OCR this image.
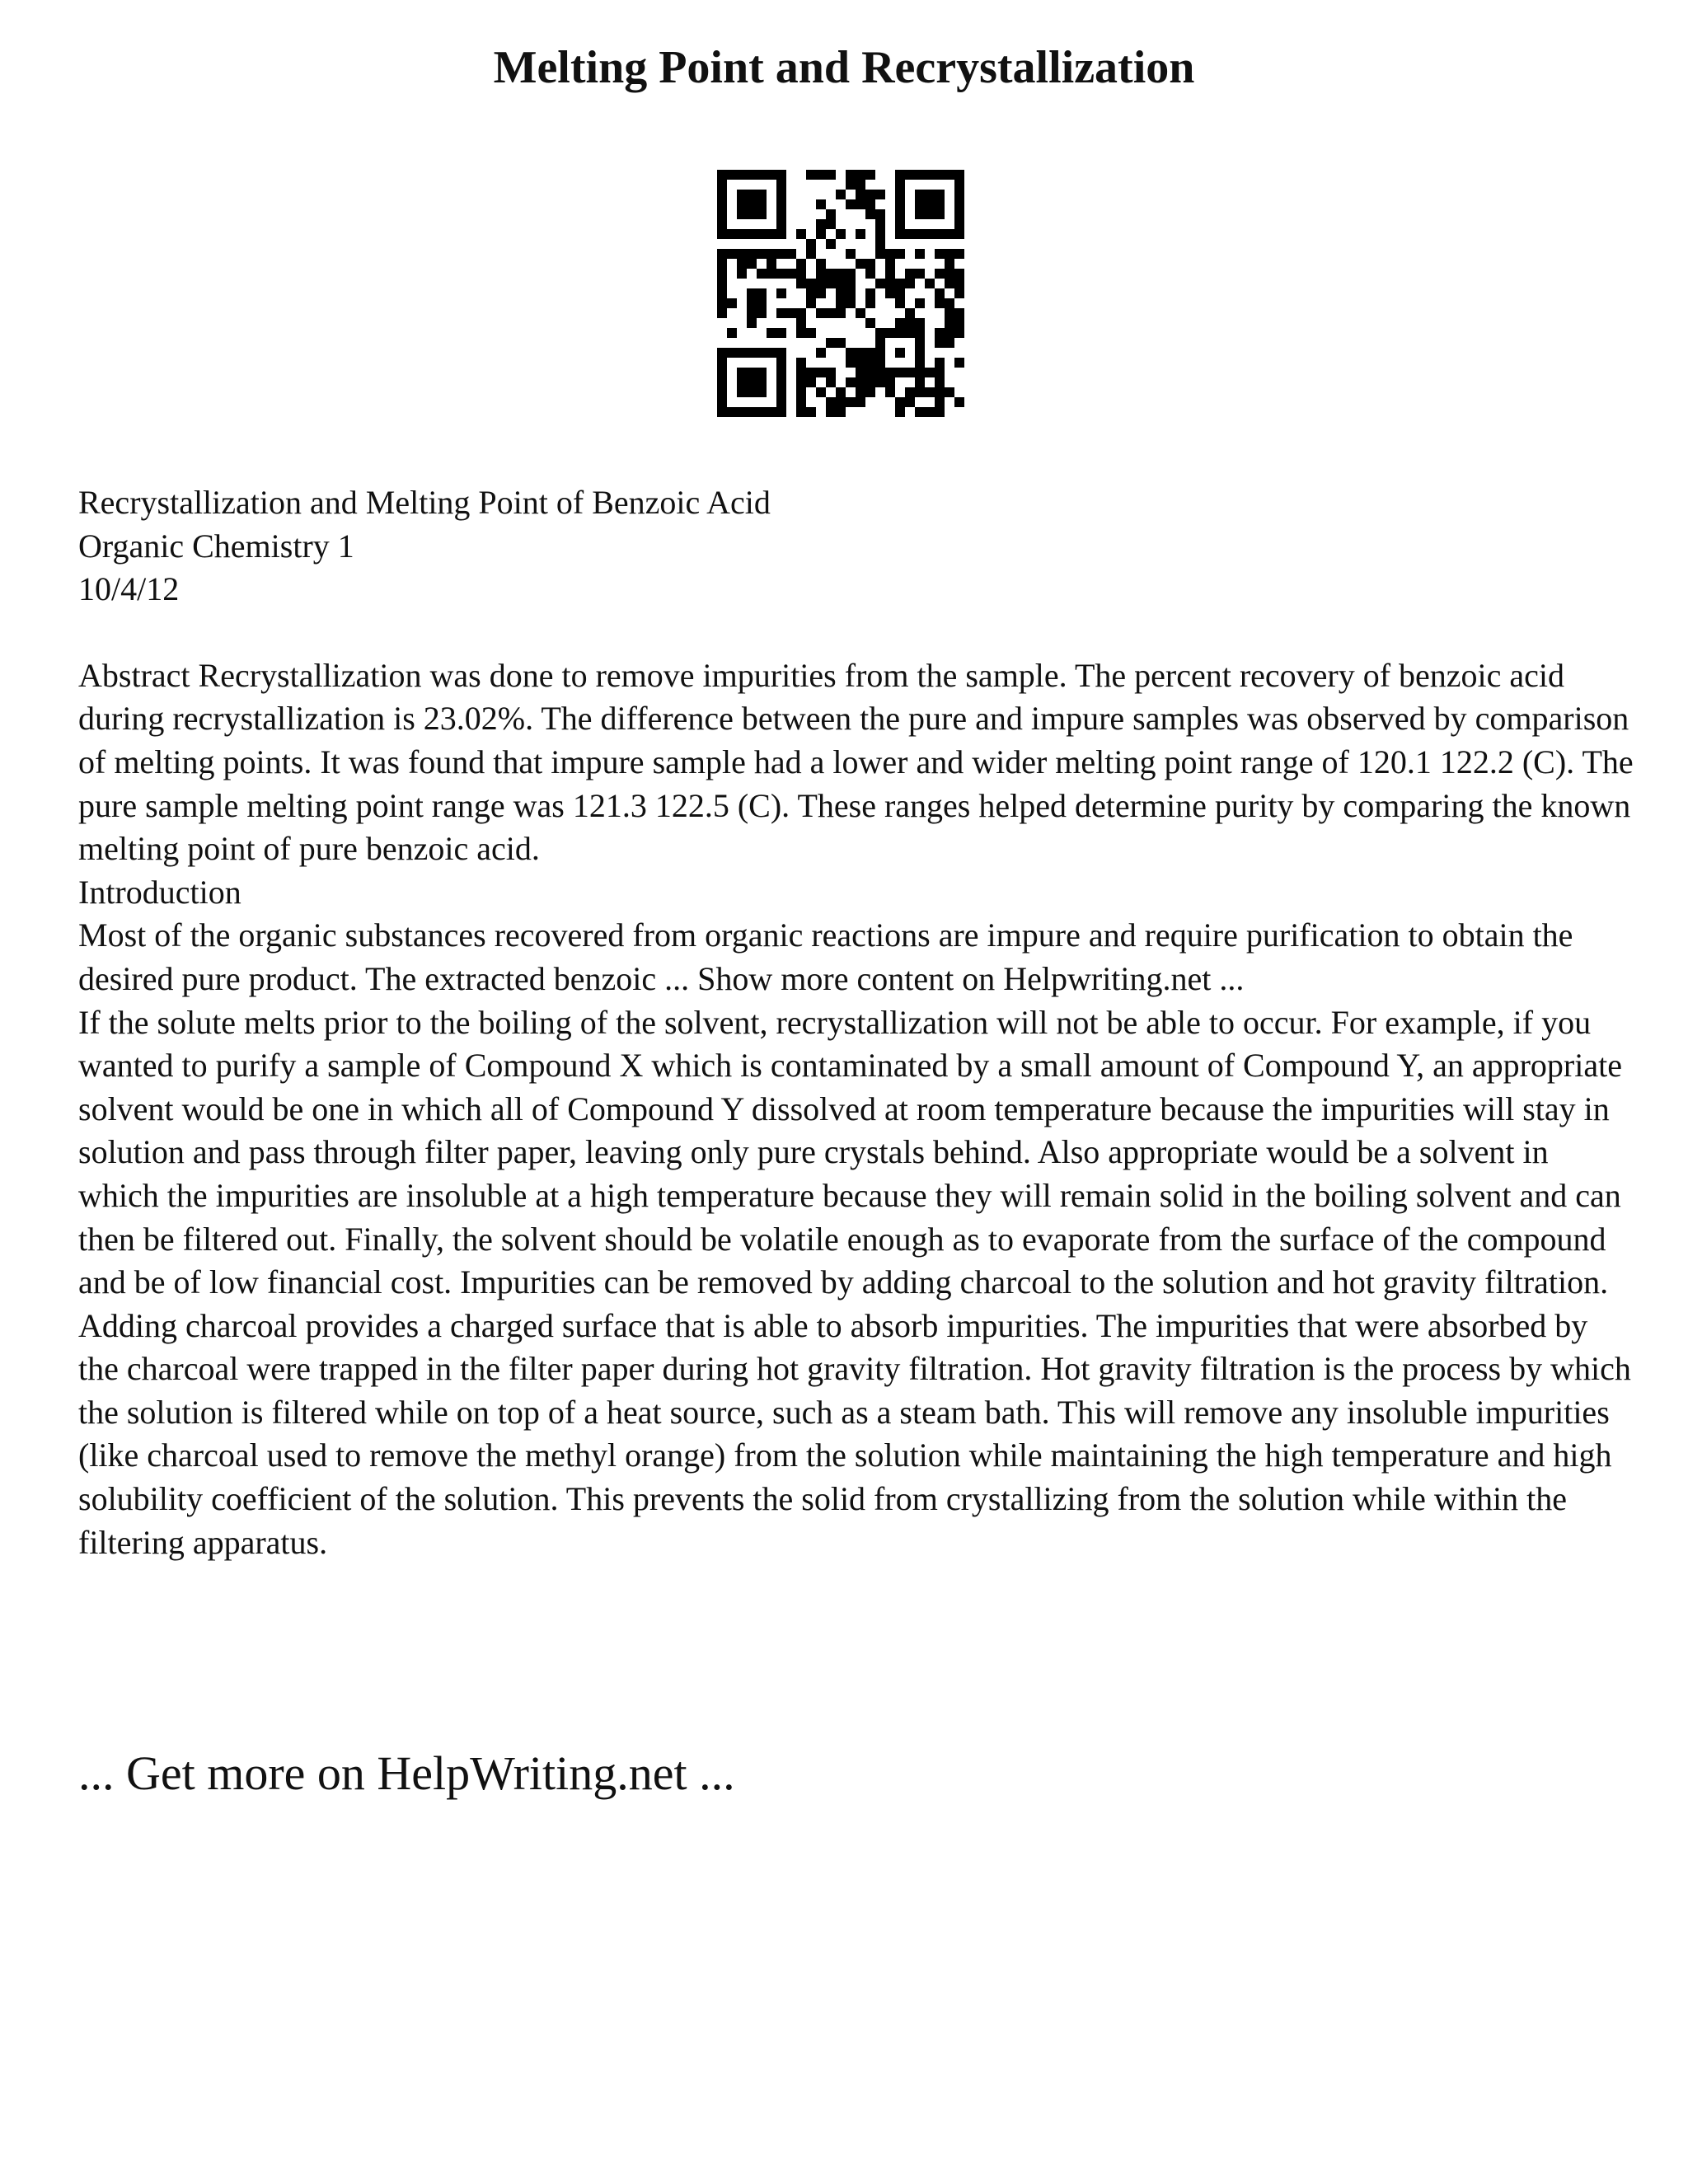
Melting Point and Recrystallization

Recrystallization and Melting Point of Benzoic Acid

Organic Chemistry 1

10/4/12

Abstract Recrystallization was done to remove impurities from the sample. The percent recovery of benzoic acid during recrystallization is 23.02%. The difference between the pure and impure samples was observed by comparison of melting points. It was found that impure sample had a lower and wider melting point range of 120.1 122.2 (C). The pure sample melting point range was 121.3 122.5 (C). These ranges helped determine purity by comparing the known melting point of pure benzoic acid.

Introduction

Most of the organic substances recovered from organic reactions are impure and require purification to obtain the desired pure product. The extracted benzoic ... Show more content on Helpwriting.net ...

If the solute melts prior to the boiling of the solvent, recrystallization will not be able to occur. For example, if you wanted to purify a sample of Compound X which is contaminated by a small amount of Compound Y, an appropriate solvent would be one in which all of Compound Y dissolved at room temperature because the impurities will stay in solution and pass through filter paper, leaving only pure crystals behind. Also appropriate would be a solvent in which the impurities are insoluble at a high temperature because they will remain solid in the boiling solvent and can then be filtered out. Finally, the solvent should be volatile enough as to evaporate from the surface of the compound and be of low financial cost. Impurities can be removed by adding charcoal to the solution and hot gravity filtration. Adding charcoal provides a charged surface that is able to absorb impurities. The impurities that were absorbed by the charcoal were trapped in the filter paper during hot gravity filtration. Hot gravity filtration is the process by which the solution is filtered while on top of a heat source, such as a steam bath. This will remove any insoluble impurities (like charcoal used to remove the methyl orange) from the solution while maintaining the high temperature and high solubility coefficient of the solution. This prevents the solid from crystallizing from the solution while within the filtering apparatus.

... Get more on HelpWriting.net ...
